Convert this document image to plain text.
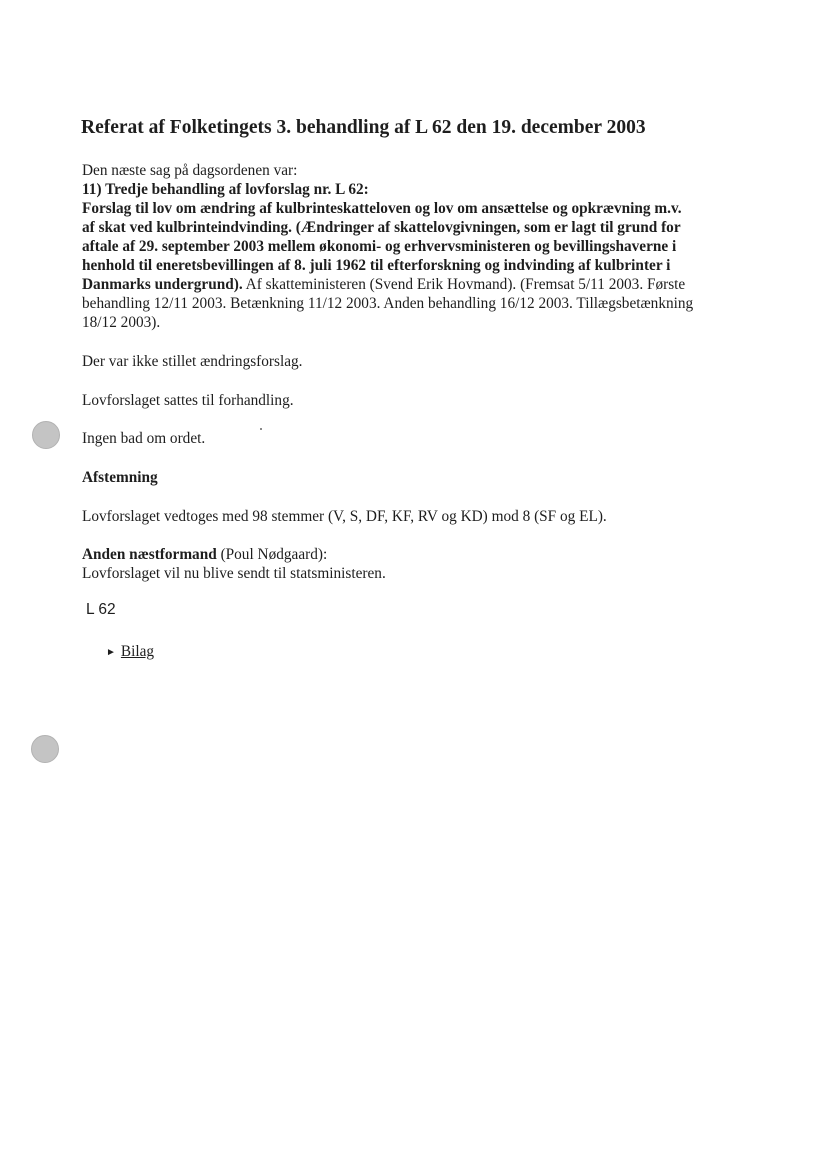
Referat af Folketingets 3. behandling af L 62 den 19. december 2003

Den næste sag på dagsordenen var:

11) Tredje behandling af lovforslag nr. L 62:

Forslag til lov om ændring af kulbrinteskatteloven og lov om ansættelse og opkrævning m.v.

af skat ved kulbrinteindvinding. (Ændringer af skattelovgivningen, som er lagt til grund for

aftale af 29. september 2003 mellem økonomi- og erhvervsministeren og bevillingshaverne i

henhold til eneretsbevillingen af 8. juli 1962 til efterforskning og indvinding af kulbrinter i

Danmarks undergrund). Af skatteministeren (Svend Erik Hovmand). (Fremsat 5/11 2003. Første

behandling 12/11 2003. Betænkning 11/12 2003. Anden behandling 16/12 2003. Tillægsbetænkning

18/12 2003).

Der var ikke stillet ændringsforslag.
Lovforslaget sattes til forhandling.
Ingen bad om ordet.
Afstemning
Lovforslaget vedtoges med 98 stemmer (V, S, DF, KF, RV og KD) mod 8 (SF og EL).

Anden næstformand (Poul Nødgaard):

Lovforslaget vil nu blive sendt til statsministeren.

L 62
► Bilag
